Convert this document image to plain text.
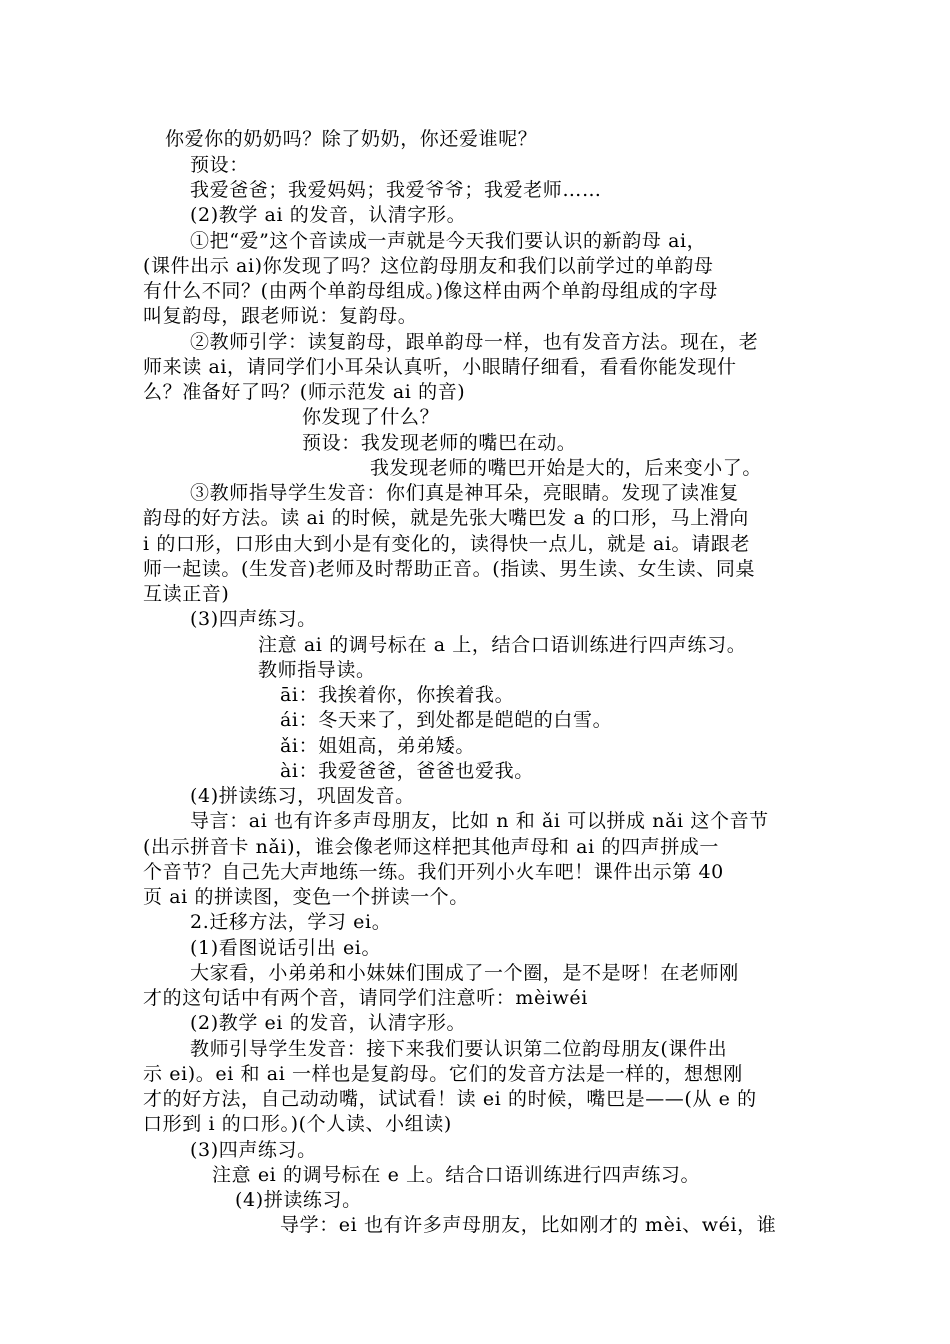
你爱你的奶奶吗？除了奶奶，你还爱谁呢？
预设：
我爱爸爸；我爱妈妈；我爱爷爷；我爱老师……
(2)教学 ai 的发音，认清字形。
①把“爱”这个音读成一声就是今天我们要认识的新韵母 ai，
(课件出示 ai)你发现了吗？这位韵母朋友和我们以前学过的单韵母
有什么不同？(由两个单韵母组成。)像这样由两个单韵母组成的字母
叫复韵母，跟老师说：复韵母。
②教师引学：读复韵母，跟单韵母一样，也有发音方法。现在，老
师来读 ai，请同学们小耳朵认真听，小眼睛仔细看，看看你能发现什
么？准备好了吗？(师示范发 ai 的音)
你发现了什么？
预设：我发现老师的嘴巴在动。
我发现老师的嘴巴开始是大的，后来变小了。
③教师指导学生发音：你们真是神耳朵，亮眼睛。发现了读准复
韵母的好方法。读 ai 的时候，就是先张大嘴巴发 a 的口形，马上滑向
i 的口形，口形由大到小是有变化的，读得快一点儿，就是 ai。请跟老
师一起读。(生发音)老师及时帮助正音。(指读、男生读、女生读、同桌
互读正音)
(3)四声练习。
注意 ai 的调号标在 a 上，结合口语训练进行四声练习。
教师指导读。
āi：我挨着你，你挨着我。
ái：冬天来了，到处都是皑皑的白雪。
ǎi：姐姐高，弟弟矮。
ài：我爱爸爸，爸爸也爱我。
(4)拼读练习，巩固发音。
导言：ai 也有许多声母朋友，比如 n 和 ǎi 可以拼成 nǎi 这个音节
(出示拼音卡 nǎi)，谁会像老师这样把其他声母和 ai 的四声拼成一
个音节？自己先大声地练一练。我们开列小火车吧！课件出示第 40
页 ai 的拼读图，变色一个拼读一个。
2.迁移方法，学习 ei。
(1)看图说话引出 ei。
大家看，小弟弟和小妹妹们围成了一个圈，是不是呀！在老师刚
才的这句话中有两个音，请同学们注意听：mèiwéi
(2)教学 ei 的发音，认清字形。
教师引导学生发音：接下来我们要认识第二位韵母朋友(课件出
示 ei)。ei 和 ai 一样也是复韵母。它们的发音方法是一样的，想想刚
才的好方法，自己动动嘴，试试看！读 ei 的时候，嘴巴是——(从 e 的
口形到 i 的口形。)(个人读、小组读)
(3)四声练习。
注意 ei 的调号标在 e 上。结合口语训练进行四声练习。
(4)拼读练习。
导学：ei 也有许多声母朋友，比如刚才的 mèi、wéi，谁
